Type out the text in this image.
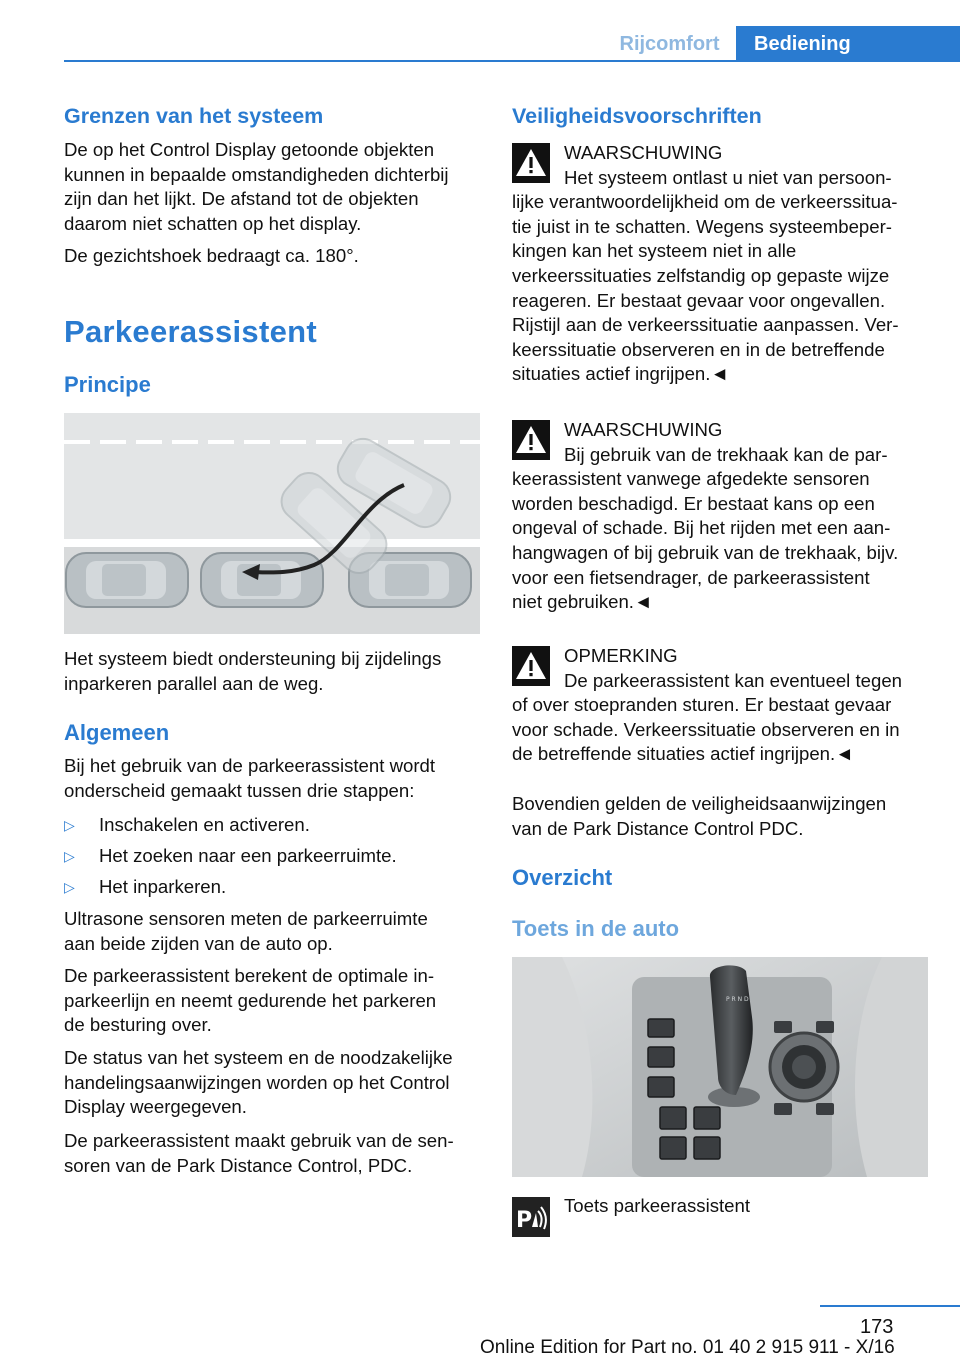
Rijcomfort	Bediening
Grenzen van het systeem
De op het Control Display getoonde objekten
kunnen in bepaalde omstandigheden dichterbij
zijn dan het lijkt. De afstand tot de objekten
daarom niet schatten op het display.
De gezichtshoek bedraagt ca. 180°.
Parkeerassistent
Principe
Het systeem biedt ondersteuning bij zijdelings
inparkeren parallel aan de weg.
Algemeen
Bij het gebruik van de parkeerassistent wordt
onderscheid gemaakt tussen drie stappen:
▷ Inschakelen en activeren.
▷ Het zoeken naar een parkeerruimte.
▷ Het inparkeren.
Ultrasone sensoren meten de parkeerruimte
aan beide zijden van de auto op.
De parkeerassistent berekent de optimale in‐
parkeerlijn en neemt gedurende het parkeren
de besturing over.
De status van het systeem en de noodzakelijke
handelingsaanwijzingen worden op het Control
Display weergegeven.
De parkeerassistent maakt gebruik van de sen‐
soren van de Park Distance Control, PDC.
Veiligheidsvoorschriften
WAARSCHUWING
Het systeem ontlast u niet van persoon‐
lijke verantwoordelijkheid om de verkeerssitua‐
tie juist in te schatten. Wegens systeembeper‐
kingen kan het systeem niet in alle
verkeerssituaties zelfstandig op gepaste wijze
reageren. Er bestaat gevaar voor ongevallen.
Rijstijl aan de verkeerssituatie aanpassen. Ver‐
keerssituatie observeren en in de betreffende
situaties actief ingrijpen.◄
WAARSCHUWING
Bij gebruik van de trekhaak kan de par‐
keerassistent vanwege afgedekte sensoren
worden beschadigd. Er bestaat kans op een
ongeval of schade. Bij het rijden met een aan‐
hangwagen of bij gebruik van de trekhaak, bijv.
voor een fietsendrager, de parkeerassistent
niet gebruiken.◄
OPMERKING
De parkeerassistent kan eventueel tegen
of over stoepranden sturen. Er bestaat gevaar
voor schade. Verkeerssituatie observeren en in
de betreffende situaties actief ingrijpen.◄
Bovendien gelden de veiligheidsaanwijzingen
van de Park Distance Control PDC.
Overzicht
Toets in de auto
P R N D
P
Toets parkeerassistent
173
Online Edition for Part no. 01 40 2 915 911 - X/16
